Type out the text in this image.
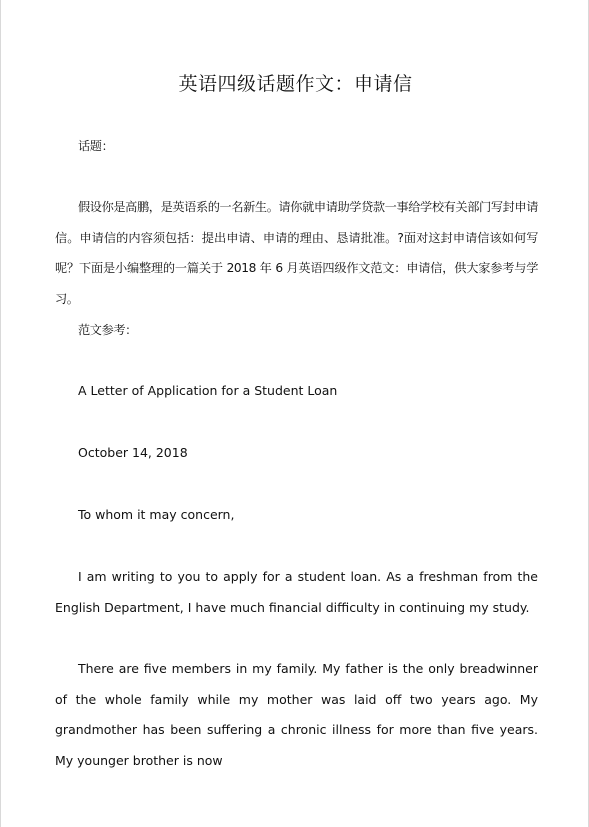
英语四级话题作文：申请信

话题：

假设你是高鹏，是英语系的一名新生。请你就申请助学贷款一事给学校有关部门写封申请信。申请信的内容须包括：提出申请、申请的理由、恳请批准。?面对这封申请信该如何写呢？下面是小编整理的一篇关于 2018 年 6 月英语四级作文范文：申请信，供大家参考与学习。

范文参考：

A Letter of Application for a Student Loan

October 14, 2018

To whom it may concern,

I am writing to you to apply for a student loan. As a freshman from the English Department, I have much financial difficulty in continuing my study.

There are five members in my family. My father is the only breadwinner of the whole family while my mother was laid off two years ago. My grandmother has been suffering a chronic illness for more than five years. My younger brother is now
